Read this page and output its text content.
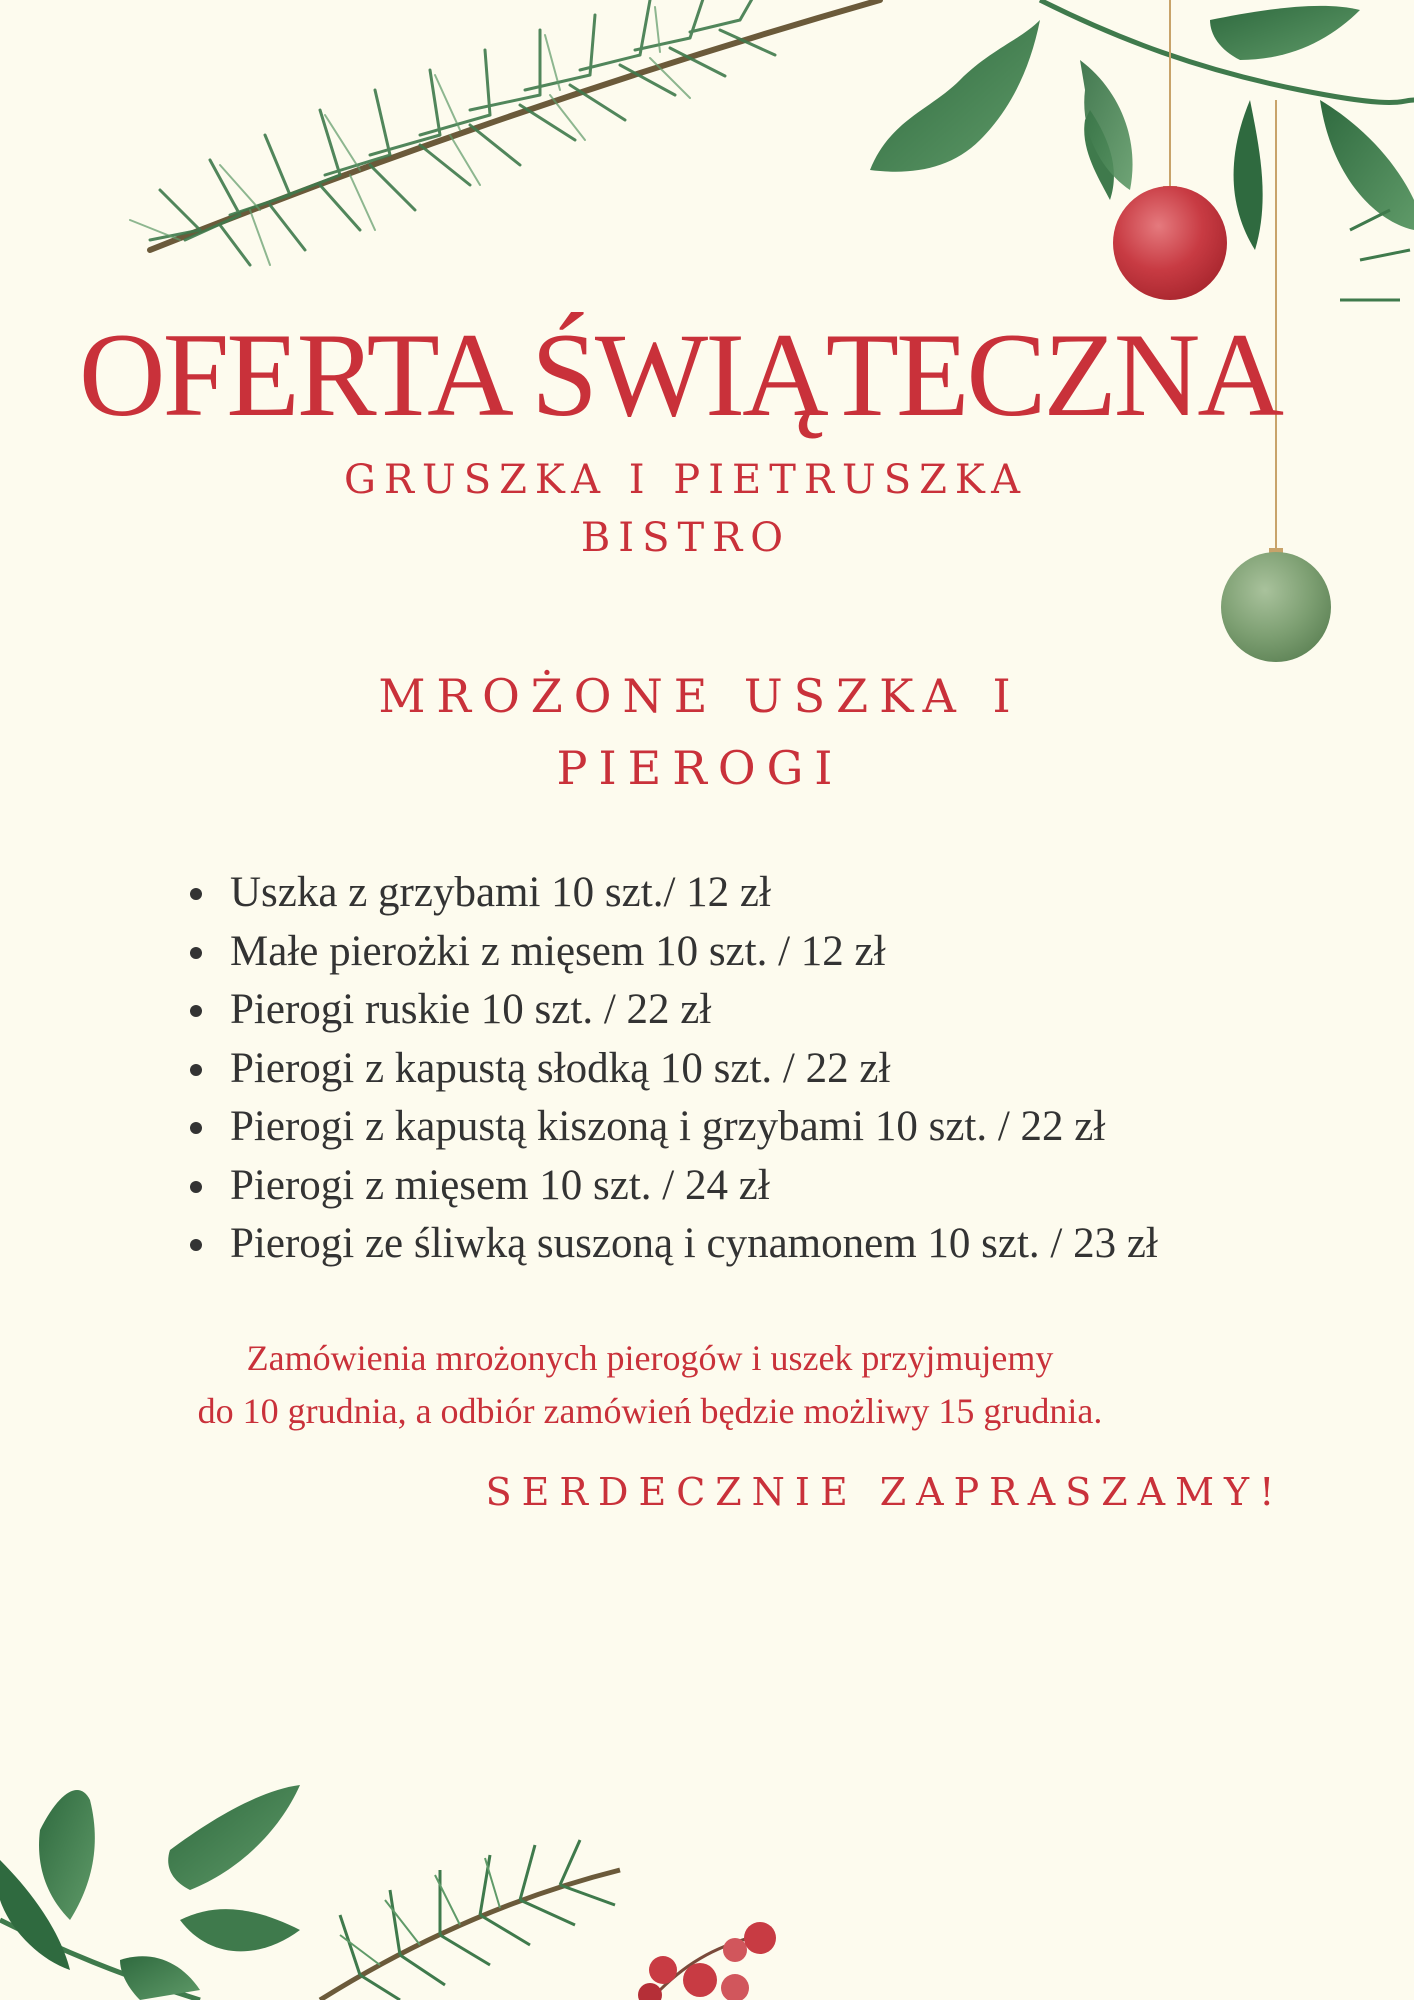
OFERTA ŚWIĄTECZNA

GRUSZKA I PIETRUSZKA

BISTRO

MROŻONE USZKA I
PIEROGI
Uszka z grzybami 10 szt./ 12 zł
Małe pierożki z mięsem 10 szt. / 12 zł
Pierogi ruskie 10 szt. / 22 zł
Pierogi z kapustą słodką 10 szt. / 22 zł
Pierogi z kapustą kiszoną i grzybami 10 szt. / 22 zł
Pierogi z mięsem 10 szt. / 24 zł
Pierogi ze śliwką suszoną i cynamonem 10 szt. / 23 zł

Zamówienia mrożonych pierogów i uszek przyjmujemy

do 10 grudnia, a odbiór zamówień będzie możliwy 15 grudnia.

SERDECZNIE ZAPRASZAMY!
